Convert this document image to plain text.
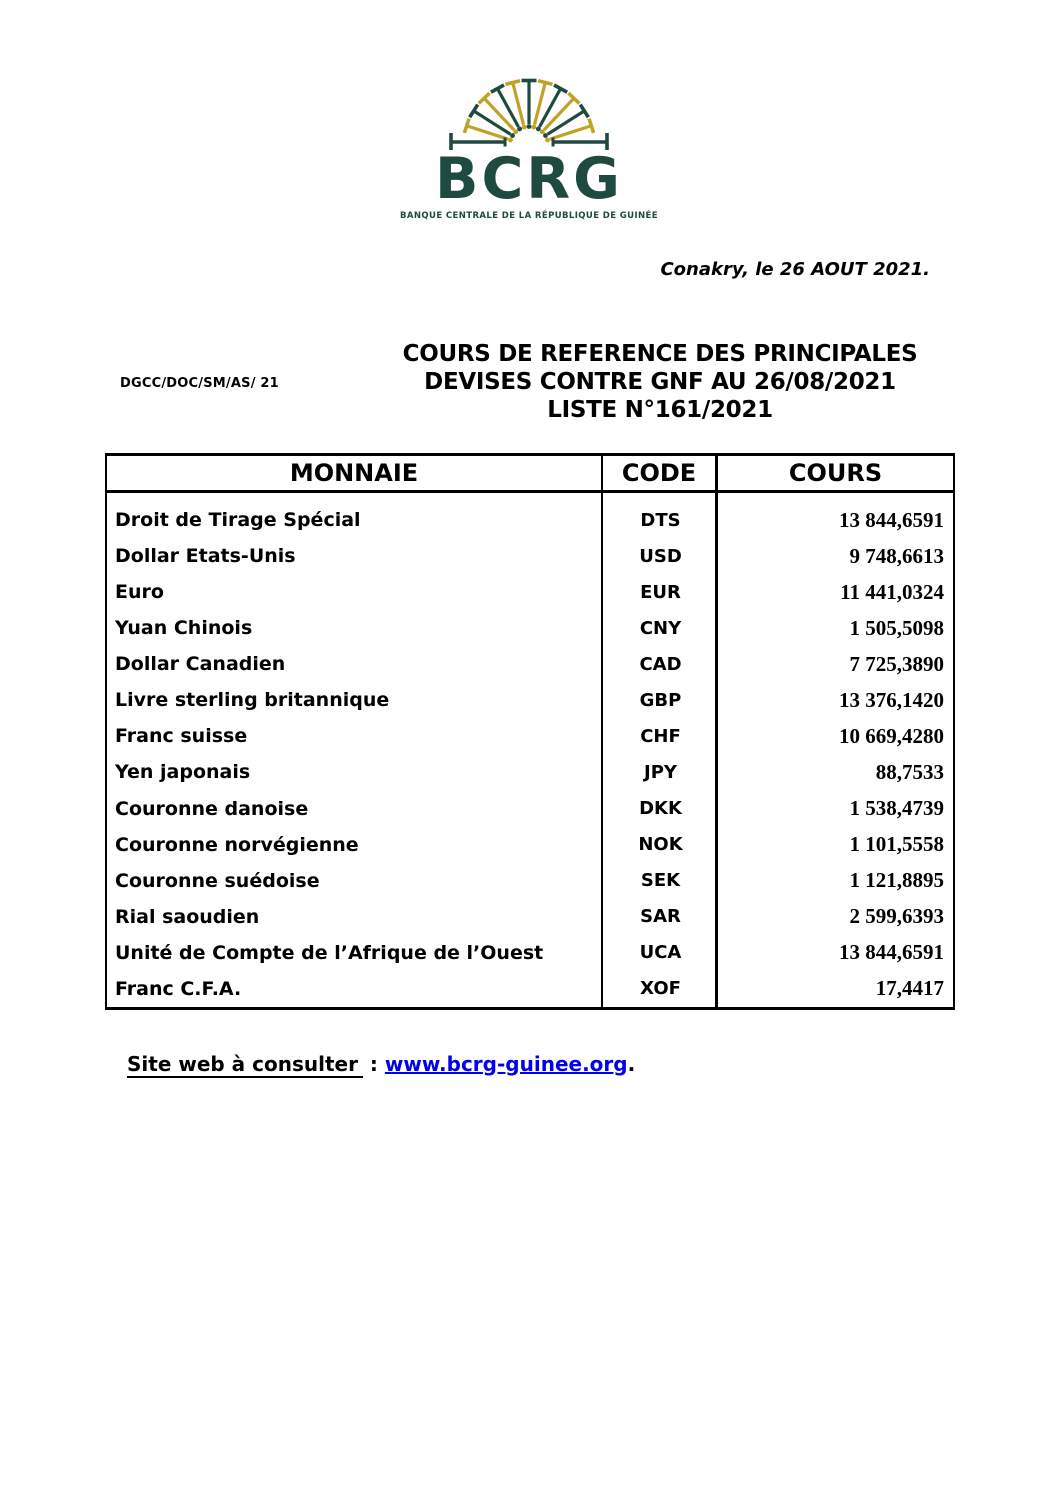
BCRG
BANQUE CENTRALE DE LA RÉPUBLIQUE DE GUINÉE
Conakry, le 26 AOUT 2021.
DGCC/DOC/SM/AS/ 21
COURS DE REFERENCE DES PRINCIPALES
DEVISES CONTRE GNF AU 26/08/2021
LISTE N°161/2021
MONNAIE	CODE	COURS
Droit de Tirage Spécial	DTS	13 844,6591
Dollar Etats-Unis	USD	9 748,6613
Euro	EUR	11 441,0324
Yuan Chinois	CNY	1 505,5098
Dollar Canadien	CAD	7 725,3890
Livre sterling britannique	GBP	13 376,1420
Franc suisse	CHF	10 669,4280
Yen japonais	JPY	88,7533
Couronne danoise	DKK	1 538,4739
Couronne norvégienne	NOK	1 101,5558
Couronne suédoise	SEK	1 121,8895
Rial saoudien	SAR	2 599,6393
Unité de Compte de l’Afrique de l’Ouest	UCA	13 844,6591
Franc C.F.A.	XOF	17,4417
Site web à consulter : www.bcrg-guinee.org.
